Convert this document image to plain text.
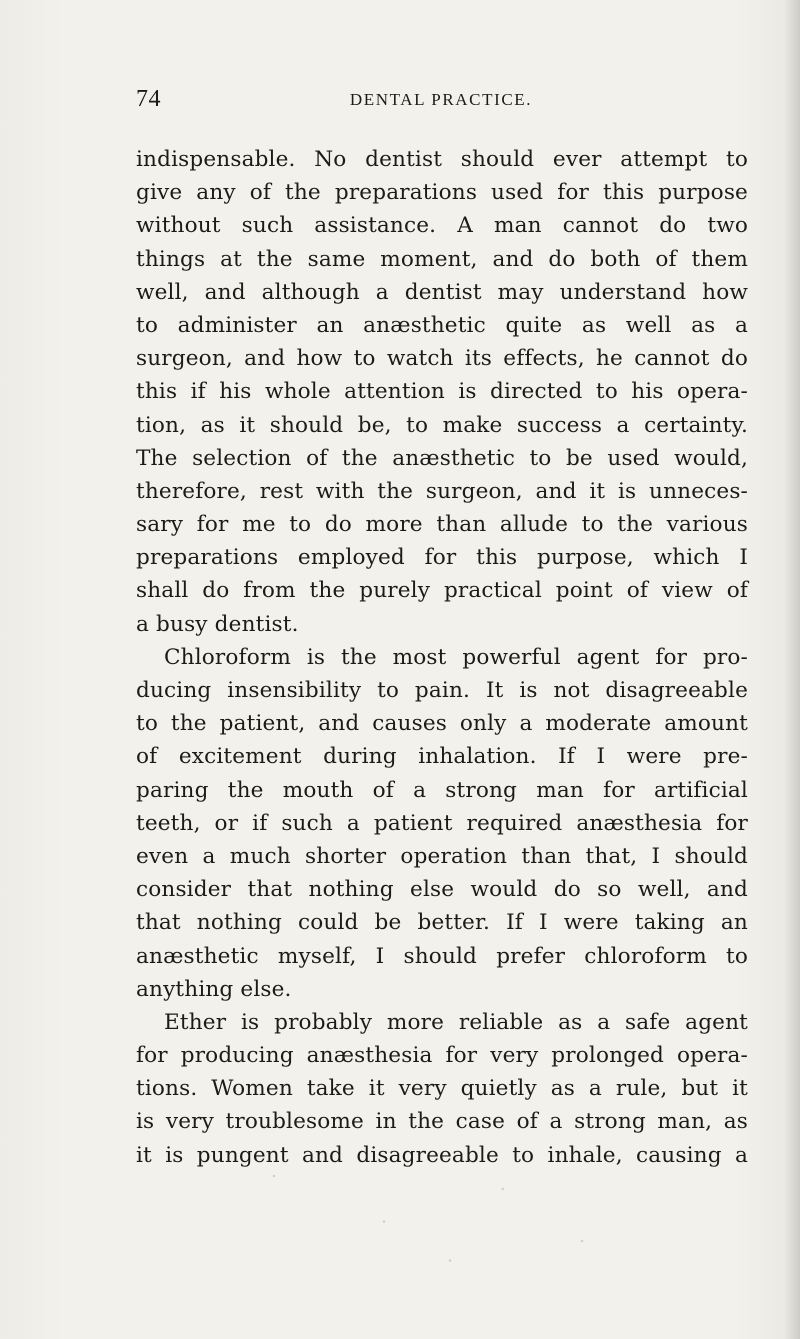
74	DENTAL PRACTICE.
indispensable. No dentist should ever attempt to
give any of the preparations used for this purpose
without such assistance. A man cannot do two
things at the same moment, and do both of them
well, and although a dentist may understand how
to administer an anæsthetic quite as well as a
surgeon, and how to watch its effects, he cannot do
this if his whole attention is directed to his opera-
tion, as it should be, to make success a certainty.
The selection of the anæsthetic to be used would,
therefore, rest with the surgeon, and it is unneces-
sary for me to do more than allude to the various
preparations employed for this purpose, which I
shall do from the purely practical point of view of
a busy dentist.
Chloroform is the most powerful agent for pro-
ducing insensibility to pain. It is not disagreeable
to the patient, and causes only a moderate amount
of excitement during inhalation. If I were pre-
paring the mouth of a strong man for artificial
teeth, or if such a patient required anæsthesia for
even a much shorter operation than that, I should
consider that nothing else would do so well, and
that nothing could be better. If I were taking an
anæsthetic myself, I should prefer chloroform to
anything else.
Ether is probably more reliable as a safe agent
for producing anæsthesia for very prolonged opera-
tions. Women take it very quietly as a rule, but it
is very troublesome in the case of a strong man, as
it is pungent and disagreeable to inhale, causing a
